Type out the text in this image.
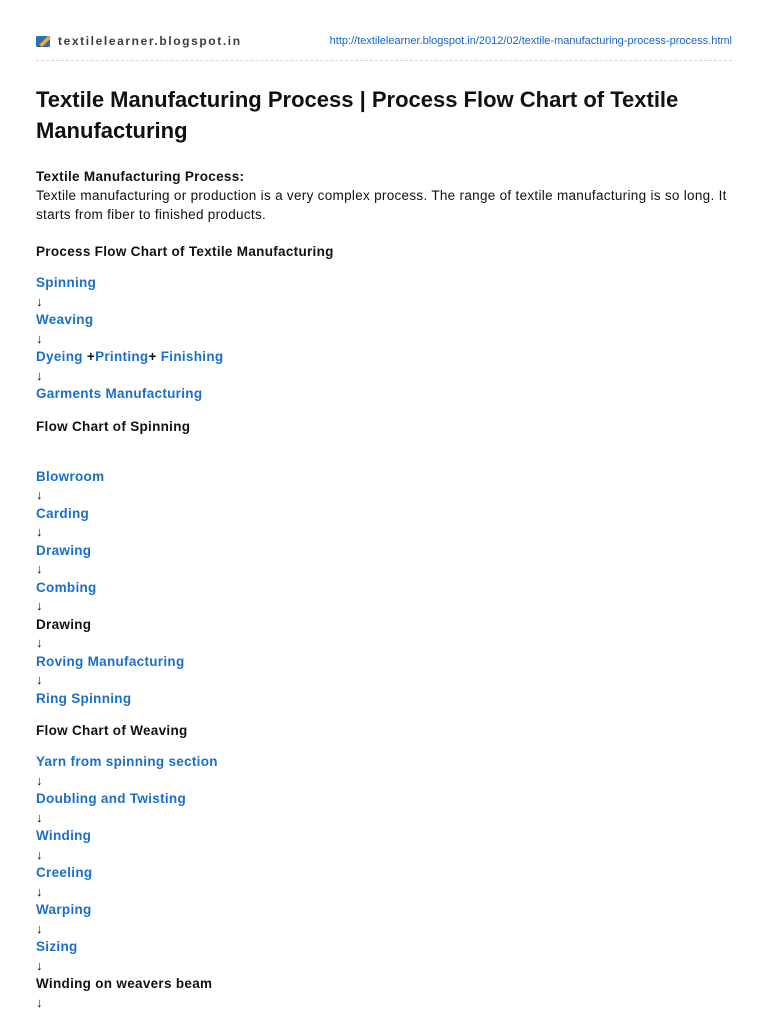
textilelearner.blogspot.in	http://textilelearner.blogspot.in/2012/02/textile-manufacturing-process-process.html
Textile Manufacturing Process | Process Flow Chart of Textile Manufacturing
Textile Manufacturing Process:
Textile manufacturing or production is a very complex process. The range of textile manufacturing is so long. It starts from fiber to finished products.
Process Flow Chart of Textile Manufacturing
Spinning
↓
Weaving
↓
Dyeing +Printing+ Finishing
↓
Garments Manufacturing
Flow Chart of Spinning
Blowroom
↓
Carding
↓
Drawing
↓
Combing
↓
Drawing
↓
Roving Manufacturing
↓
Ring Spinning
Flow Chart of Weaving
Yarn from spinning section
↓
Doubling and Twisting
↓
Winding
↓
Creeling
↓
Warping
↓
Sizing
↓
Winding on weavers beam
↓
